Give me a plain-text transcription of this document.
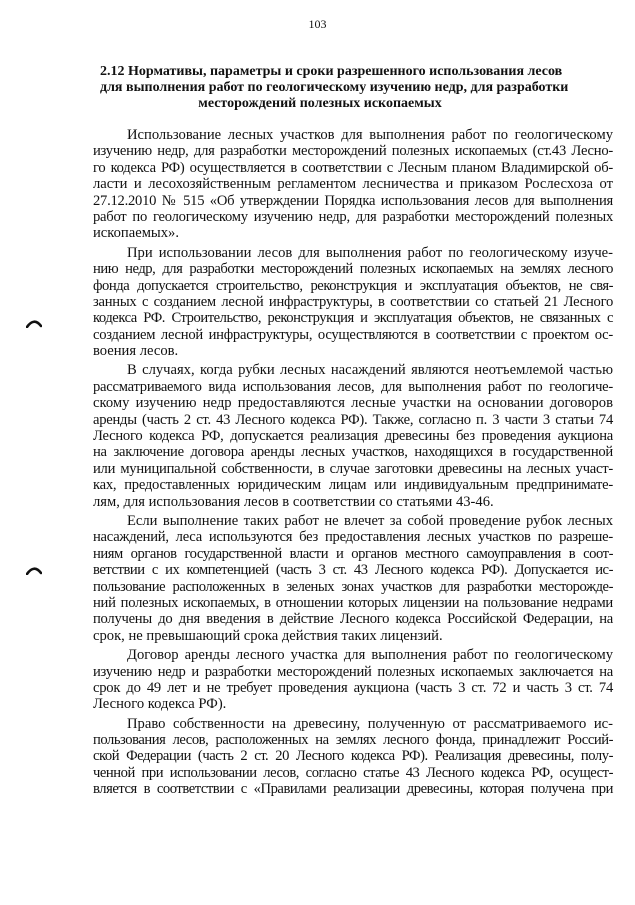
103
2.12 Нормативы, параметры и сроки разрешенного использования лесов
для выполнения работ по геологическому изучению недр, для разработки
месторождений полезных ископаемых

Использование лесных участков для выполнения работ по геологическому
изучению недр, для разработки месторождений полезных ископаемых (ст.43 Лесно-
го кодекса РФ) осуществляется в соответствии с Лесным планом Владимирской об-
ласти и лесохозяйственным регламентом лесничества и приказом Рослесхоза от
27.12.2010 № 515 «Об утверждении Порядка использования лесов для выполнения
работ по геологическому изучению недр, для разработки месторождений полезных
ископаемых».

При использовании лесов для выполнения работ по геологическому изуче-
нию недр, для разработки месторождений полезных ископаемых на землях лесного
фонда допускается строительство, реконструкция и эксплуатация объектов, не свя-
занных с созданием лесной инфраструктуры, в соответствии со статьей 21 Лесного
кодекса РФ. Строительство, реконструкция и эксплуатация объектов, не связанных с
созданием лесной инфраструктуры, осуществляются в соответствии с проектом ос-
воения лесов.

В случаях, когда рубки лесных насаждений являются неотъемлемой частью
рассматриваемого вида использования лесов, для выполнения работ по геологиче-
скому изучению недр предоставляются лесные участки на основании договоров
аренды (часть 2 ст. 43 Лесного кодекса РФ). Также, согласно п. 3 части 3 статьи 74
Лесного кодекса РФ, допускается реализация древесины без проведения аукциона
на заключение договора аренды лесных участков, находящихся в государственной
или муниципальной собственности, в случае заготовки древесины на лесных участ-
ках, предоставленных юридическим лицам или индивидуальным предпринимате-
лям, для использования лесов в соответствии со статьями 43-46.

Если выполнение таких работ не влечет за собой проведение рубок лесных
насаждений, леса используются без предоставления лесных участков по разреше-
ниям органов государственной власти и органов местного самоуправления в соот-
ветствии с их компетенцией (часть 3 ст. 43 Лесного кодекса РФ). Допускается ис-
пользование расположенных в зеленых зонах участков для разработки месторожде-
ний полезных ископаемых, в отношении которых лицензии на пользование недрами
получены до дня введения в действие Лесного кодекса Российской Федерации, на
срок, не превышающий срока действия таких лицензий.

Договор аренды лесного участка для выполнения работ по геологическому
изучению недр и разработки месторождений полезных ископаемых заключается на
срок до 49 лет и не требует проведения аукциона (часть 3 ст. 72 и часть 3 ст. 74
Лесного кодекса РФ).

Право собственности на древесину, полученную от рассматриваемого ис-
пользования лесов, расположенных на землях лесного фонда, принадлежит Россий-
ской Федерации (часть 2 ст. 20 Лесного кодекса РФ). Реализация древесины, полу-
ченной при использовании лесов, согласно статье 43 Лесного кодекса РФ, осущест-
вляется в соответствии с «Правилами реализации древесины, которая получена при
